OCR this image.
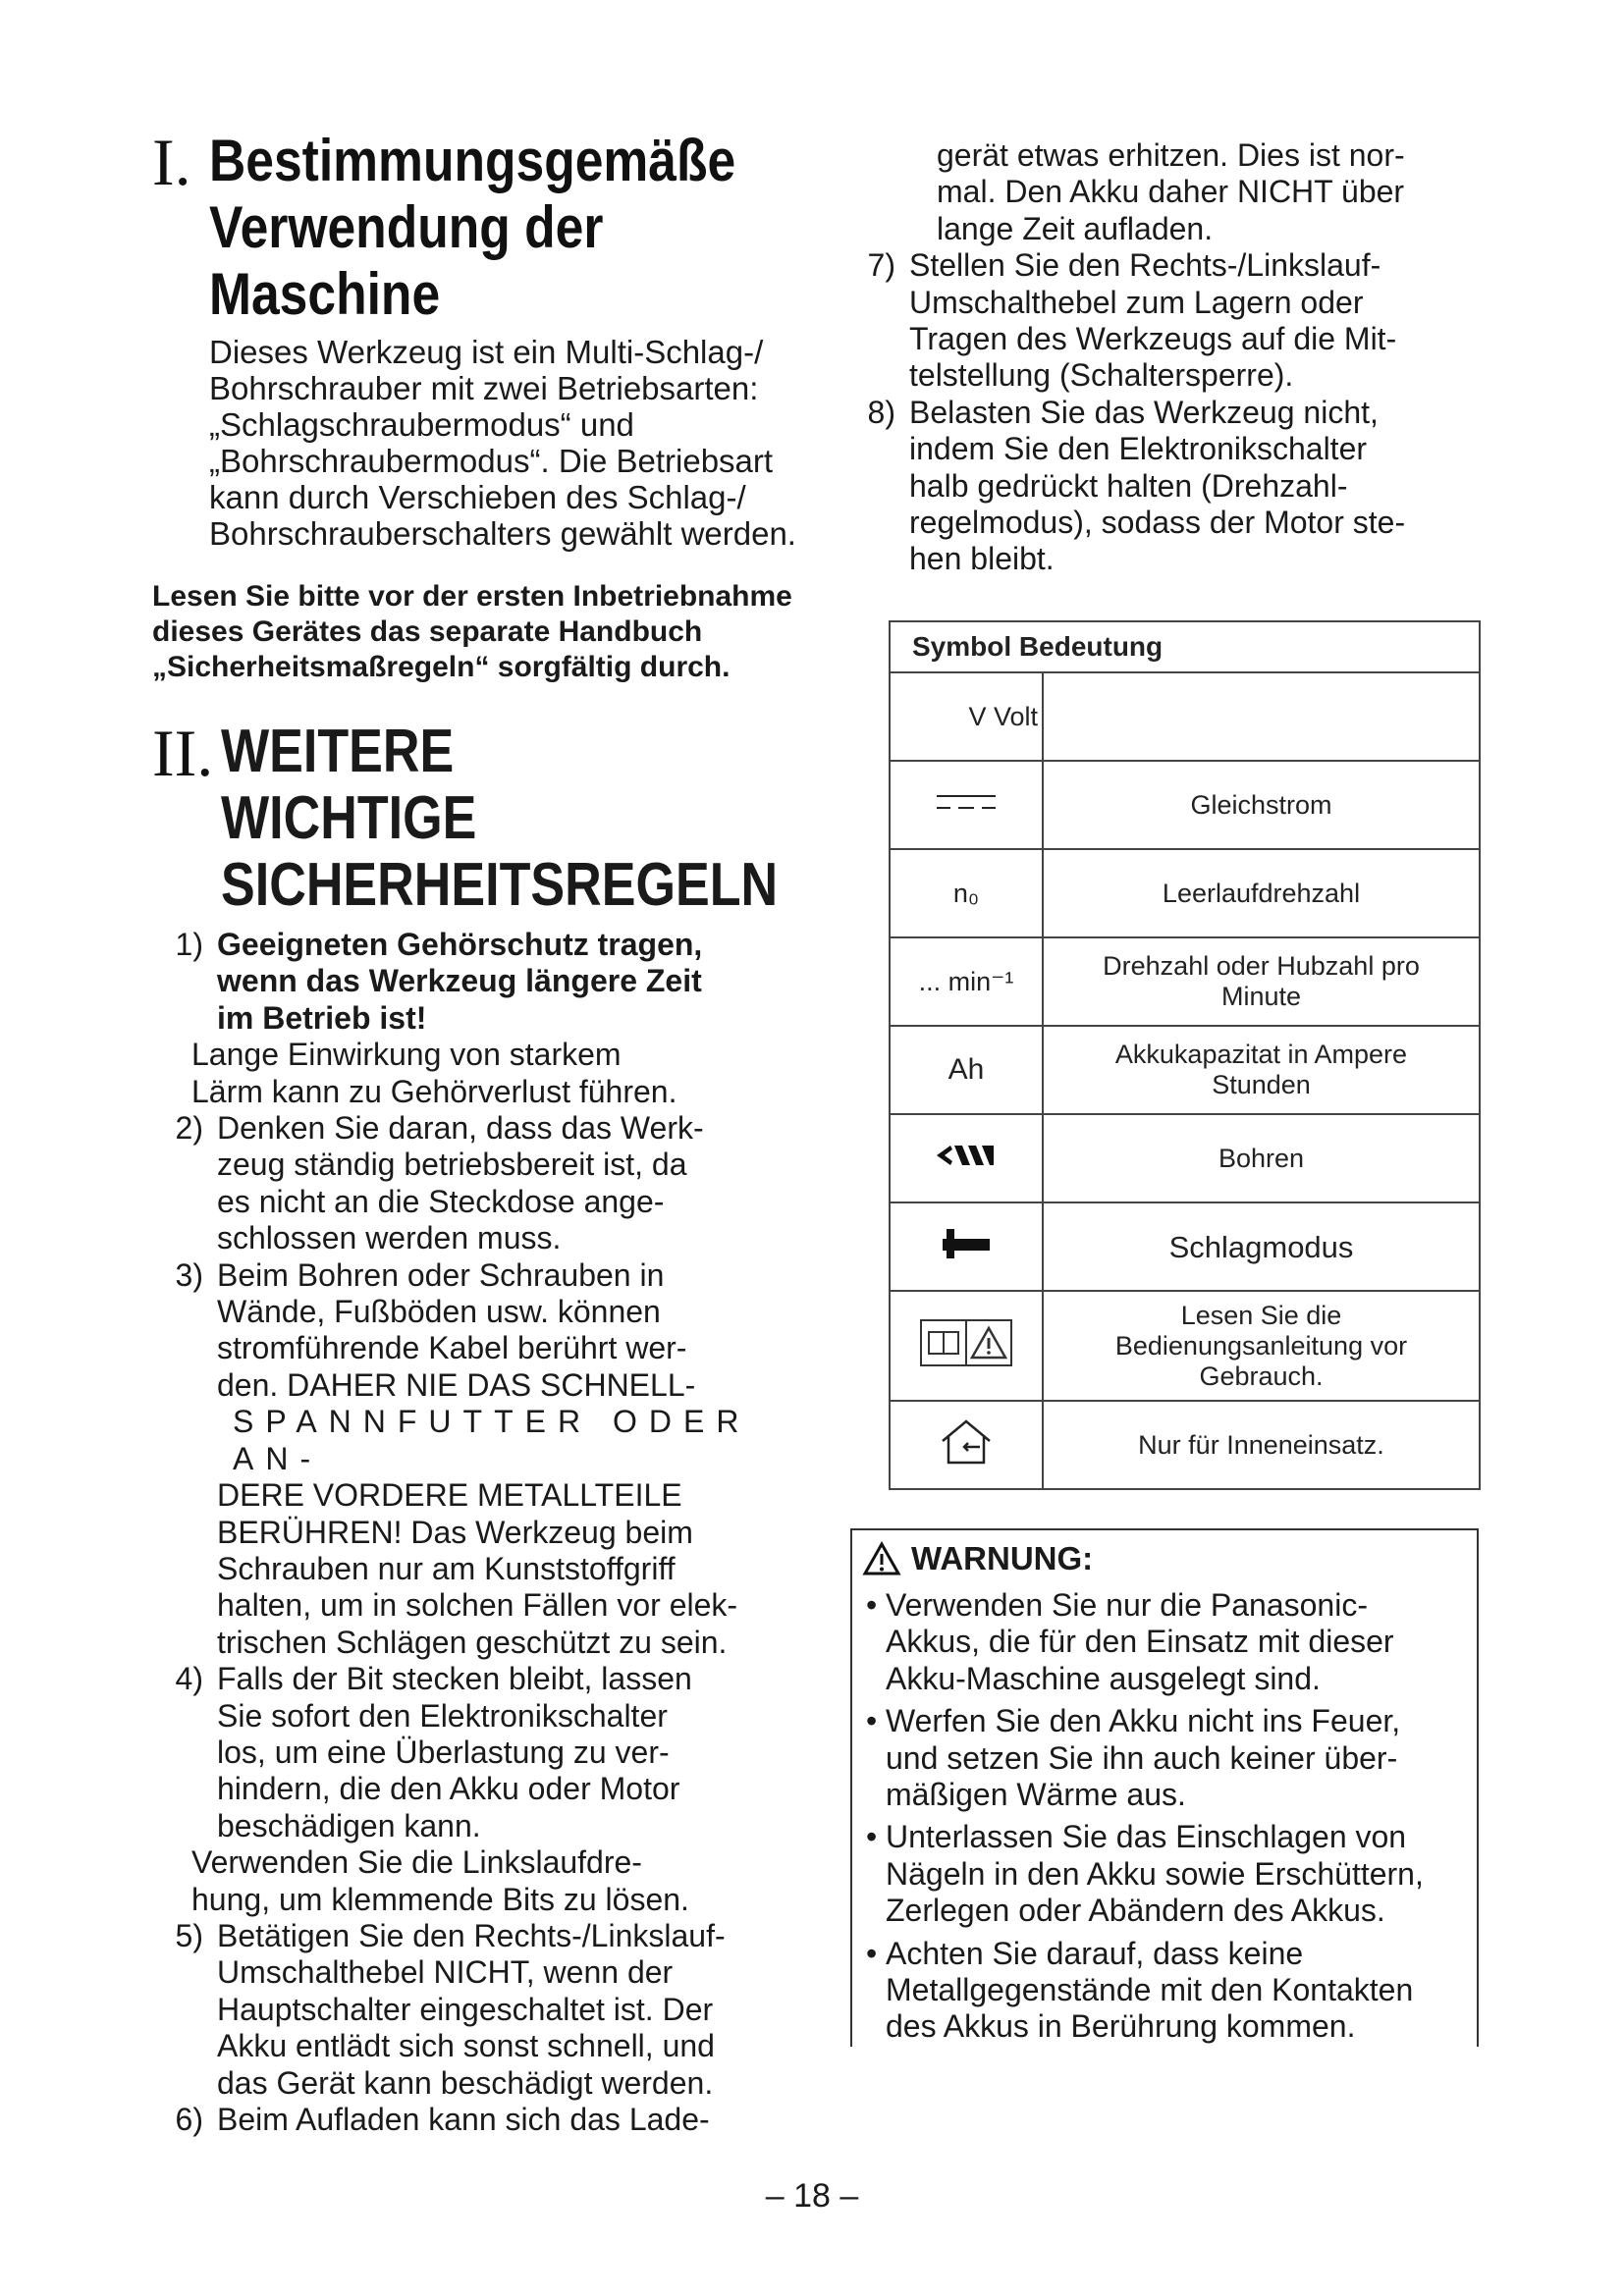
I. Bestimmungsgemäße
Verwendung der
Maschine
Dieses Werkzeug ist ein Multi-Schlag-/ Bohrschrauber mit zwei Betriebsarten: „Schlagschraubermodus“ und „Bohrschraubermodus“. Die Betriebsart kann durch Verschieben des Schlag-/ Bohrschrauberschalters gewählt werden.
Lesen Sie bitte vor der ersten Inbetriebnahme dieses Gerätes das separate Handbuch „Sicherheitsmaßregeln“ sorgfältig durch.
II. WEITERE WICHTIGE
SICHERHEITSREGELN
1) Geeigneten Gehörschutz tragen,
wenn das Werkzeug längere Zeit
im Betrieb ist!
Lange Einwirkung von starkem
Lärm kann zu Gehörverlust führen.
2) Denken Sie daran, dass das Werk-
zeug ständig betriebsbereit ist, da
es nicht an die Steckdose ange-
schlossen werden muss.
3) Beim Bohren oder Schrauben in
Wände, Fußböden usw. können
stromführende Kabel berührt wer-
den. DAHER NIE DAS SCHNELL-
SPANNFUTTER ODER AN-
DERE VORDERE METALLTEILE
BERÜHREN! Das Werkzeug beim
Schrauben nur am Kunststoffgriff
halten, um in solchen Fällen vor elek-
trischen Schlägen geschützt zu sein.
4) Falls der Bit stecken bleibt, lassen
Sie sofort den Elektronikschalter
los, um eine Überlastung zu ver-
hindern, die den Akku oder Motor
beschädigen kann.
Verwenden Sie die Linkslaufdre-
hung, um klemmende Bits zu lösen.
5) Betätigen Sie den Rechts-/Linkslauf-
Umschalthebel NICHT, wenn der
Hauptschalter eingeschaltet ist. Der
Akku entlädt sich sonst schnell, und
das Gerät kann beschädigt werden.
6) Beim Aufladen kann sich das Lade-
gerät etwas erhitzen. Dies ist nor-
mal. Den Akku daher NICHT über
lange Zeit aufladen.
7) Stellen Sie den Rechts-/Linkslauf-
Umschalthebel zum Lagern oder
Tragen des Werkzeugs auf die Mit-
telstellung (Schaltersperre).
8) Belasten Sie das Werkzeug nicht,
indem Sie den Elektronikschalter
halb gedrückt halten (Drehzahl-
regelmodus), sodass der Motor ste-
hen bleibt.
Symbol Bedeutung	
V Volt	
	Gleichstrom
n₀	Leerlaufdrehzahl
... min⁻¹	Drehzahl oder Hubzahl pro Minute
Ah	Akkukapazitat in Ampere Stunden
	Bohren
	Schlagmodus
	Lesen Sie die Bedienungsanleitung vor Gebrauch.
	Nur für Inneneinsatz.
WARNUNG:
• Verwenden Sie nur die Panasonic-
Akkus, die für den Einsatz mit dieser
Akku-Maschine ausgelegt sind.
• Werfen Sie den Akku nicht ins Feuer,
und setzen Sie ihn auch keiner über-
mäßigen Wärme aus.
• Unterlassen Sie das Einschlagen von
Nägeln in den Akku sowie Erschüttern,
Zerlegen oder Abändern des Akkus.
• Achten Sie darauf, dass keine
Metallgegenstände mit den Kontakten
des Akkus in Berührung kommen.
– 18 –
